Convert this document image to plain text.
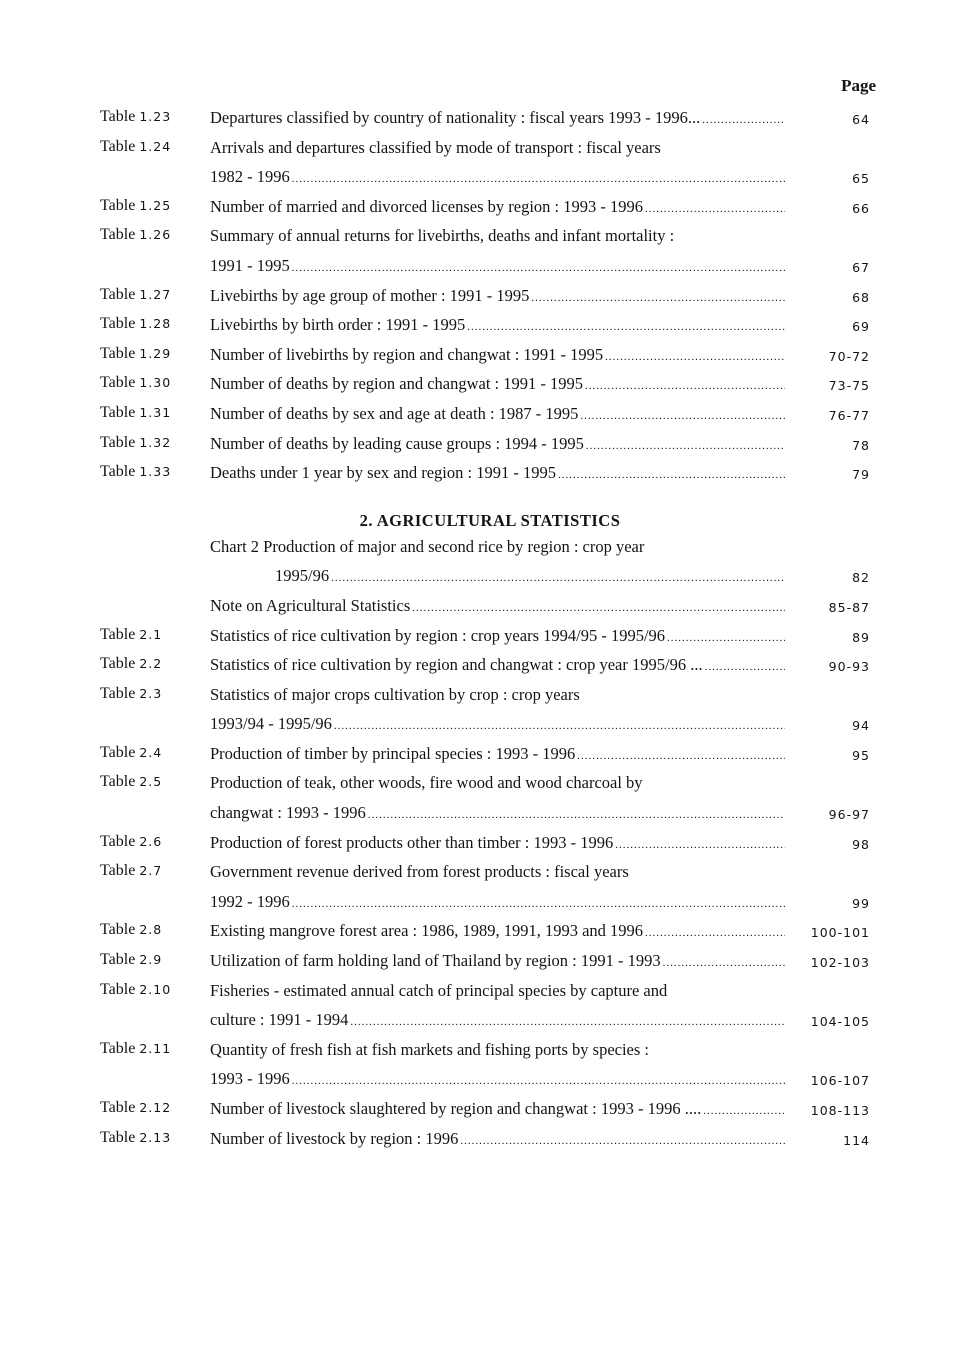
Page
Table 1.23 Departures classified by country of nationality : fiscal years 1993 - 1996... .....	64
Table 1.24 Arrivals and departures classified by mode of transport : fiscal years
1982 - 1996 .....	65
Table 1.25 Number of married and divorced licenses by region : 1993 - 1996 .....	66
Table 1.26 Summary of annual returns for livebirths, deaths and infant mortality :
1991 - 1995 .....	67
Table 1.27 Livebirths by age group of mother : 1991 - 1995 .....	68
Table 1.28 Livebirths by birth order : 1991 - 1995 .....	69
Table 1.29 Number of livebirths by region and changwat : 1991 - 1995 .....	70-72
Table 1.30 Number of deaths by region and changwat : 1991 - 1995 .....	73-75
Table 1.31 Number of deaths by sex and age at death : 1987 - 1995 .....	76-77
Table 1.32 Number of deaths by leading cause groups : 1994 - 1995 .....	78
Table 1.33 Deaths under 1 year by sex and region : 1991 - 1995 .....	79
2. AGRICULTURAL STATISTICS
Chart 2 Production of major and second rice by region : crop year
1995/96 .....	82
Note on Agricultural Statistics .....	85-87
Table 2.1	Statistics of rice cultivation by region : crop years 1994/95 - 1995/96 .....	89
Table 2.2	Statistics of rice cultivation by region and changwat : crop year 1995/96 ... .....	90-93
Table 2.3	Statistics of major crops cultivation by crop : crop years
1993/94 - 1995/96 .....	94
Table 2.4	Production of timber by principal species : 1993 - 1996 .....	95
Table 2.5	Production of teak, other woods, fire wood and wood charcoal by
changwat : 1993 - 1996 .....	96-97
Table 2.6	Production of forest products other than timber : 1993 - 1996 .....	98
Table 2.7	Government revenue derived from forest products : fiscal years
1992 - 1996 .....	99
Table 2.8	Existing mangrove forest area : 1986, 1989, 1991, 1993 and 1996 .....	100-101
Table 2.9	Utilization of farm holding land of Thailand by region : 1991 - 1993 .....	102-103
Table 2.10 Fisheries - estimated annual catch of principal species by capture and
culture : 1991 - 1994 .....	104-105
Table 2.11 Quantity of fresh fish at fish markets and fishing ports by species :
1993 - 1996 .....	106-107
Table 2.12 Number of livestock slaughtered by region and changwat : 1993 - 1996 .... .....	108-113
Table 2.13 Number of livestock by region : 1996 .....	114
